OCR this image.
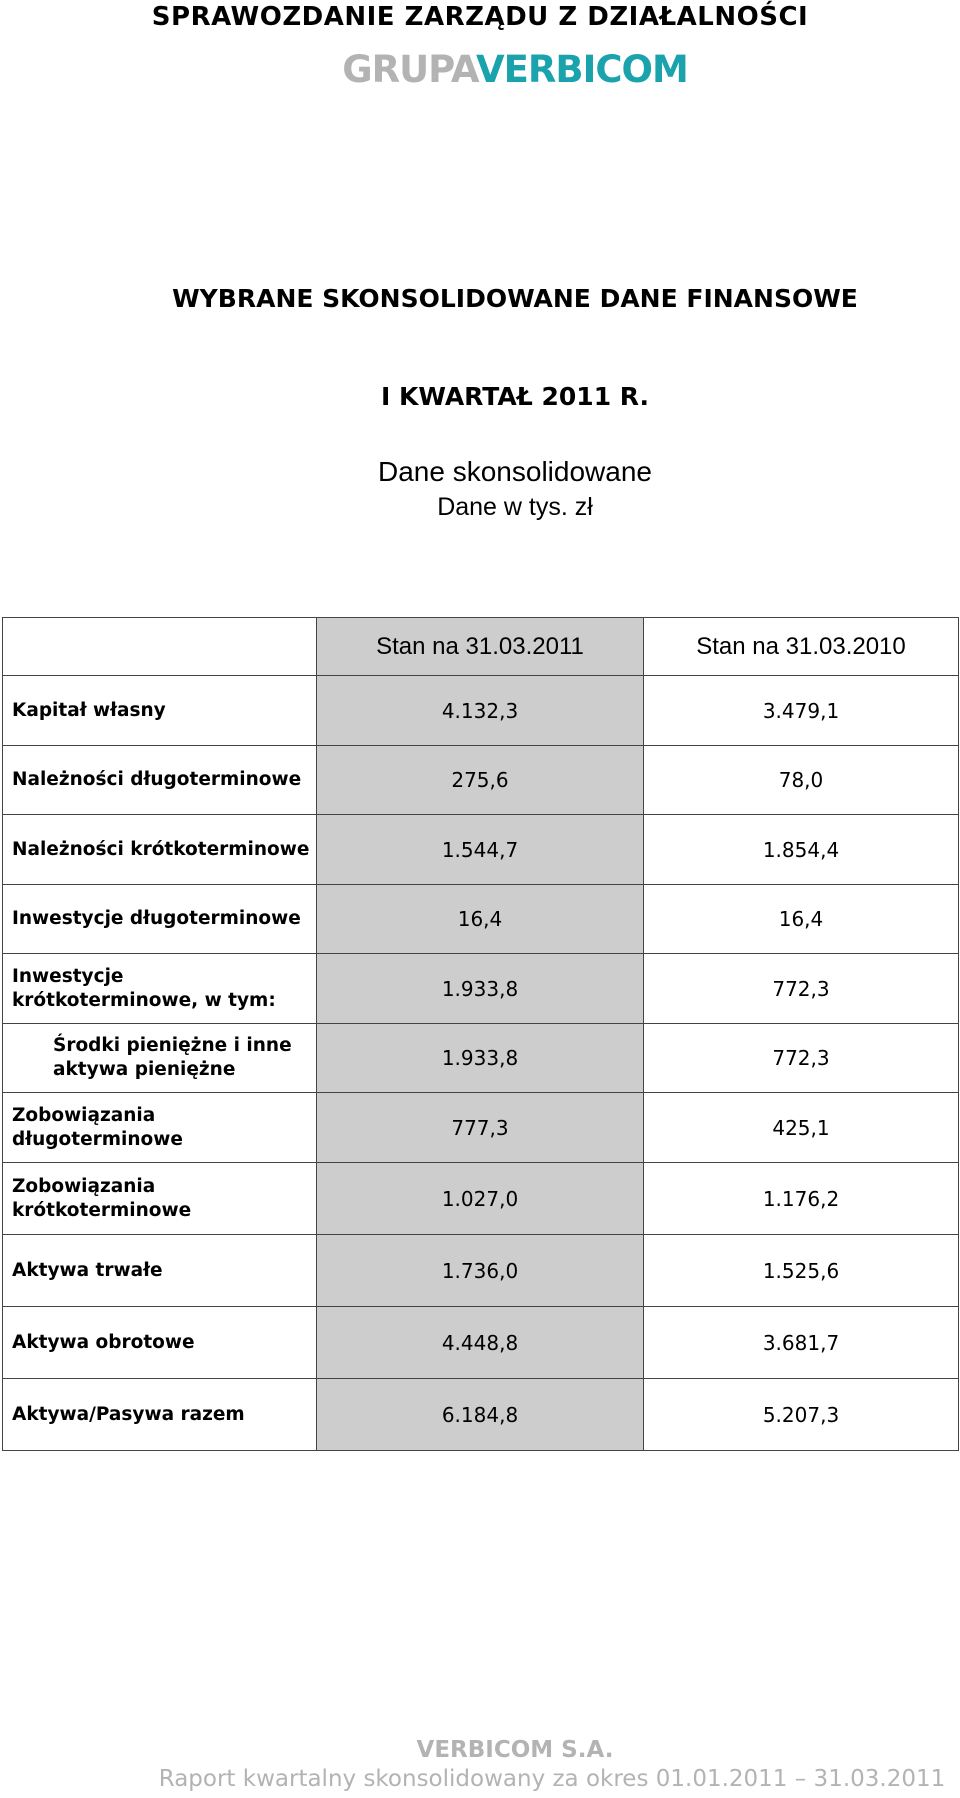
SPRAWOZDANIE ZARZĄDU Z DZIAŁALNOŚCI
GRUPAVERBICOM
WYBRANE SKONSOLIDOWANE DANE FINANSOWE
I KWARTAŁ 2011 R.
Dane skonsolidowane
Dane w tys. zł
	Stan na 31.03.2011	Stan na 31.03.2010
Kapitał własny	4.132,3	3.479,1
Należności długoterminowe	275,6	78,0
Należności krótkoterminowe	1.544,7	1.854,4
Inwestycje długoterminowe	16,4	16,4
Inwestycje krótkoterminowe, w tym:	1.933,8	772,3
Środki pieniężne i inne aktywa pieniężne	1.933,8	772,3
Zobowiązania długoterminowe	777,3	425,1
Zobowiązania krótkoterminowe	1.027,0	1.176,2
Aktywa trwałe	1.736,0	1.525,6
Aktywa obrotowe	4.448,8	3.681,7
Aktywa/Pasywa razem	6.184,8	5.207,3
VERBICOM S.A.
Raport kwartalny skonsolidowany za okres 01.01.2011 – 31.03.2011
